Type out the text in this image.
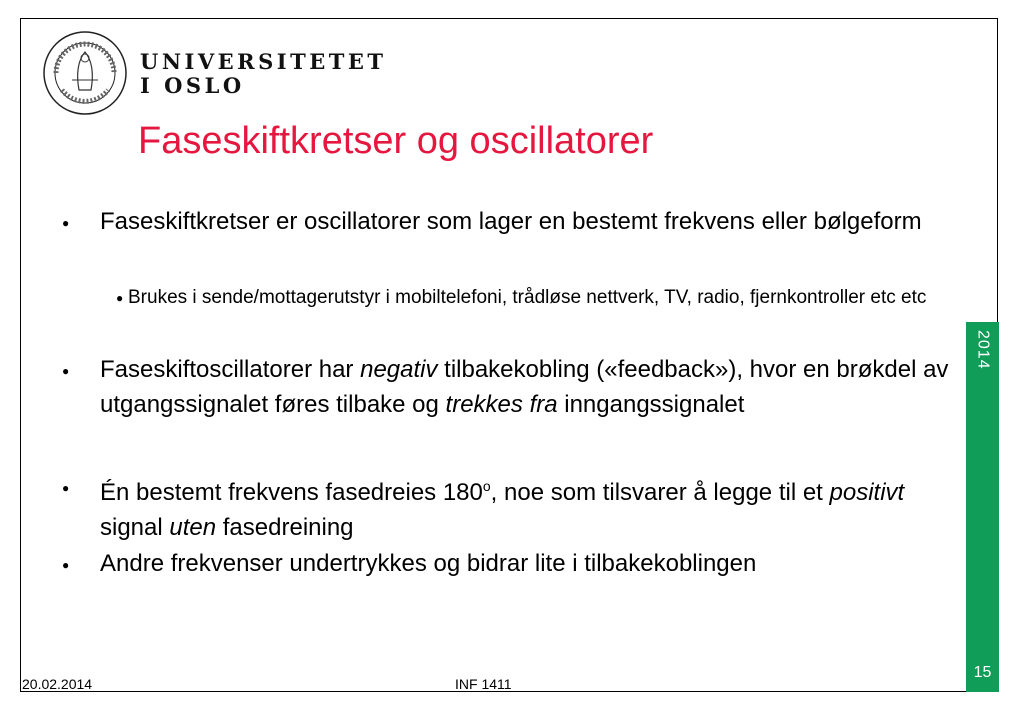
UNIVERSITETET
I OSLO
Faseskiftkretser og oscillatorer
● Faseskiftkretser er oscillatorer som lager en bestemt frekvens eller bølgeform
● Brukes i sende/mottagerutstyr i mobiltelefoni, trådløse nettverk, TV, radio, fjernkontroller etc etc
● Faseskiftoscillatorer har negativ tilbakekobling («feedback»), hvor en brøkdel av utgangssignalet føres tilbake og trekkes fra inngangssignalet
● Én bestemt frekvens fasedreies 180$^o$, noe som tilsvarer å legge til et positivt signal uten fasedreining
● Andre frekvenser undertrykkes og bidrar lite i tilbakekoblingen
2014
15
20.02.2014	INF 1411
